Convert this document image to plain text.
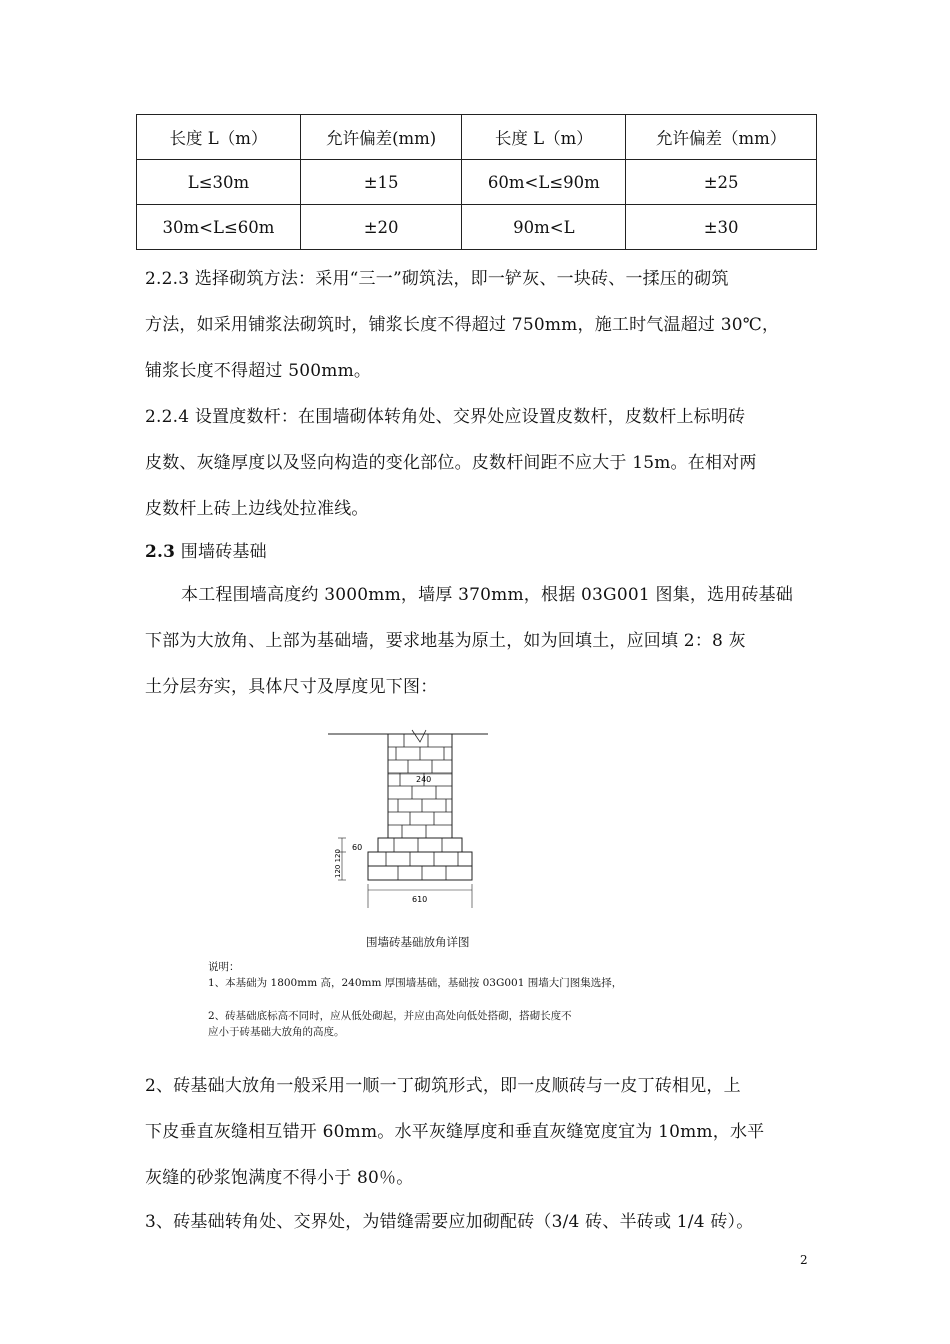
长度 L（m）	允许偏差(mm)	长度 L（m）	允许偏差（mm）
L≤30m	±15	60m<L≤90m	±25
30m<L≤60m	±20	90m<L	±30
2.2.3 选择砌筑方法：采用“三一”砌筑法，即一铲灰、一块砖、一揉压的砌筑
方法，如采用铺浆法砌筑时，铺浆长度不得超过 750mm，施工时气温超过 30℃，
铺浆长度不得超过 500mm。
2.2.4 设置度数杆：在围墙砌体转角处、交界处应设置皮数杆，皮数杆上标明砖
皮数、灰缝厚度以及竖向构造的变化部位。皮数杆间距不应大于 15m。在相对两
皮数杆上砖上边线处拉准线。
2.3 围墙砖基础
本工程围墙高度约 3000mm，墙厚 370mm，根据 03G001 图集，选用砖基础
下部为大放角、上部为基础墙，要求地基为原土，如为回填土，应回填 2：8 灰
土分层夯实，具体尺寸及厚度见下图：
240
60
120 120
610
围墙砖基础放角详图
说明：
1、本基础为 1800mm 高，240mm 厚围墙基础，基础按 03G001 围墙大门图集选择，
2、砖基础底标高不同时，应从低处砌起，并应由高处向低处搭砌，搭砌长度不
应小于砖基础大放角的高度。
2、砖基础大放角一般采用一顺一丁砌筑形式，即一皮顺砖与一皮丁砖相见，上
下皮垂直灰缝相互错开 60mm。水平灰缝厚度和垂直灰缝宽度宜为 10mm，水平
灰缝的砂浆饱满度不得小于 80％。
3、砖基础转角处、交界处，为错缝需要应加砌配砖（3/4 砖、半砖或 1/4 砖）。
2
